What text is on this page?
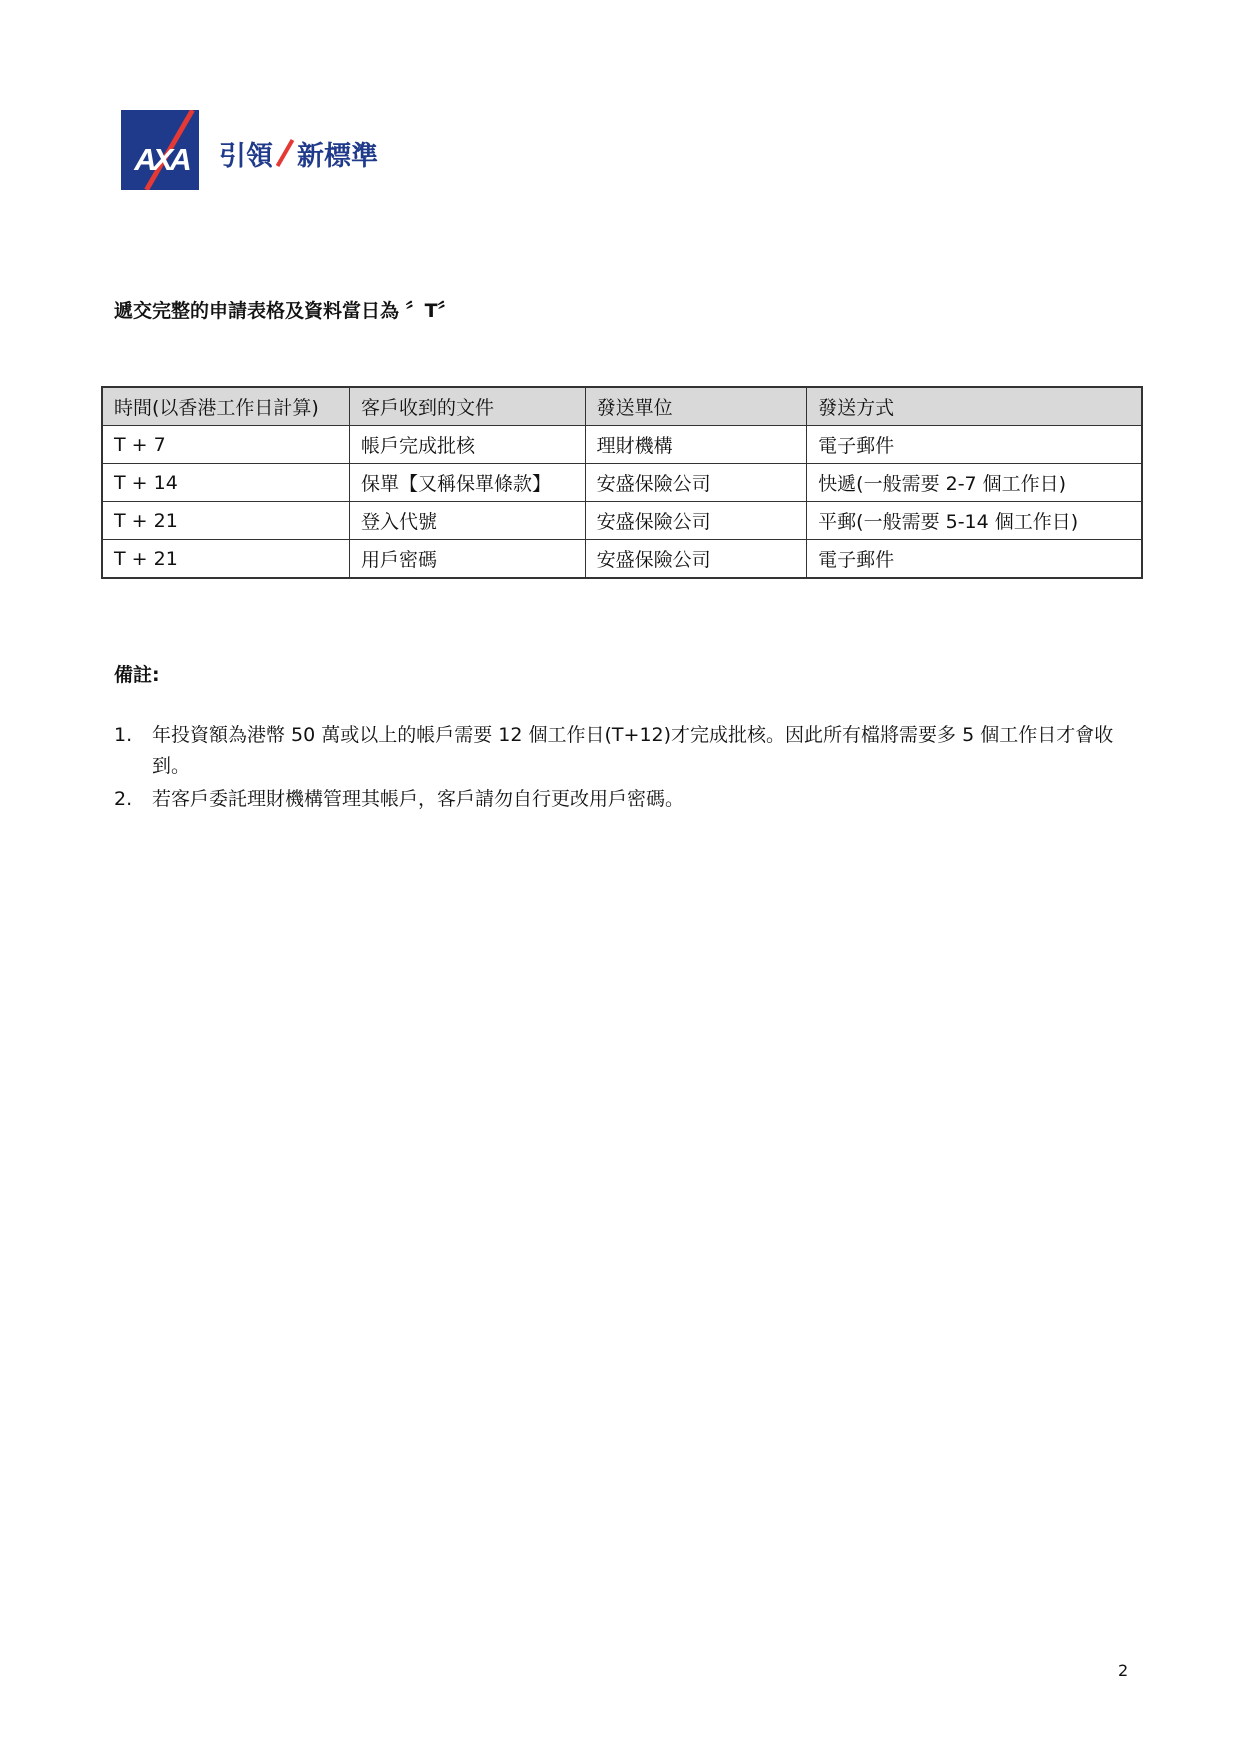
AXA	引領 新標準
遞交完整的申請表格及資料當日為 〞T〞
時間(以香港工作日計算)	客戶收到的文件	發送單位	發送方式
T + 7	帳戶完成批核	理財機構	電子郵件
T + 14	保單【又稱保單條款】	安盛保險公司	快遞(一般需要 2-7 個工作日)
T + 21	登入代號	安盛保險公司	平郵(一般需要 5-14 個工作日)
T + 21	用戶密碼	安盛保險公司	電子郵件
備註:
1.	年投資額為港幣 50 萬或以上的帳戶需要 12 個工作日(T+12)才完成批核。因此所有檔將需要多 5 個工作日才會收到。
2.	若客戶委託理財機構管理其帳戶，客戶請勿自行更改用戶密碼。
2
